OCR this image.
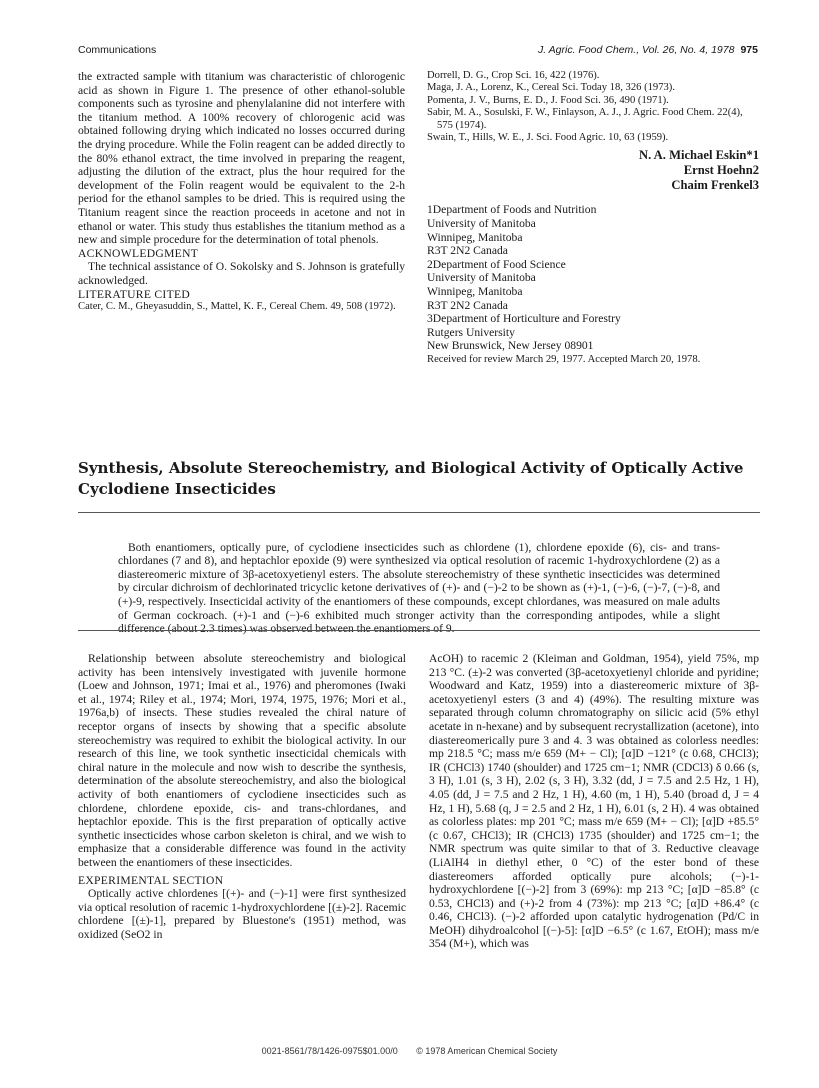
Communications	J. Agric. Food Chem., Vol. 26, No. 4, 1978 975

the extracted sample with titanium was characteristic of chlorogenic acid as shown in Figure 1. The presence of other ethanol-soluble components such as tyrosine and phenylalanine did not interfere with the titanium method. A 100% recovery of chlorogenic acid was obtained following drying which indicated no losses occurred during the drying procedure. While the Folin reagent can be added directly to the 80% ethanol extract, the time involved in preparing the reagent, adjusting the dilution of the extract, plus the hour required for the development of the Folin reagent would be equivalent to the 2-h period for the ethanol samples to be dried. This is required using the Titanium reagent since the reaction proceeds in acetone and not in ethanol or water. This study thus establishes the titanium method as a new and simple procedure for the determination of total phenols.

ACKNOWLEDGMENT

The technical assistance of O. Sokolsky and S. Johnson is gratefully acknowledged.

LITERATURE CITED

Cater, C. M., Gheyasuddin, S., Mattel, K. F., Cereal Chem. 49, 508 (1972).

Dorrell, D. G., Crop Sci. 16, 422 (1976).

Maga, J. A., Lorenz, K., Cereal Sci. Today 18, 326 (1973).

Pomenta, J. V., Burns, E. D., J. Food Sci. 36, 490 (1971).

Sabir, M. A., Sosulski, F. W., Finlayson, A. J., J. Agric. Food Chem. 22(4), 575 (1974).

Swain, T., Hills, W. E., J. Sci. Food Agric. 10, 63 (1959).

N. A. Michael Eskin*1
Ernst Hoehn2
Chaim Frenkel3

1Department of Foods and Nutrition

University of Manitoba

Winnipeg, Manitoba

R3T 2N2 Canada

2Department of Food Science

University of Manitoba

Winnipeg, Manitoba

R3T 2N2 Canada

3Department of Horticulture and Forestry

Rutgers University

New Brunswick, New Jersey 08901

Received for review March 29, 1977. Accepted March 20, 1978.

Synthesis, Absolute Stereochemistry, and Biological Activity of Optically Active Cyclodiene Insecticides

Both enantiomers, optically pure, of cyclodiene insecticides such as chlordene (1), chlordene epoxide (6), cis- and trans-chlordanes (7 and 8), and heptachlor epoxide (9) were synthesized via optical resolution of racemic 1-hydroxychlordene (2) as a diastereomeric mixture of 3β-acetoxyetienyl esters. The absolute stereochemistry of these synthetic insecticides was determined by circular dichroism of dechlorinated tricyclic ketone derivatives of (+)- and (−)-2 to be shown as (+)-1, (−)-6, (−)-7, (−)-8, and (+)-9, respectively. Insecticidal activity of the enantiomers of these compounds, except chlordanes, was measured on male adults of German cockroach. (+)-1 and (−)-6 exhibited much stronger activity than the corresponding antipodes, while a slight difference (about 2.3 times) was observed between the enantiomers of 9.

Relationship between absolute stereochemistry and biological activity has been intensively investigated with juvenile hormone (Loew and Johnson, 1971; Imai et al., 1976) and pheromones (Iwaki et al., 1974; Riley et al., 1974; Mori, 1974, 1975, 1976; Mori et al., 1976a,b) of insects. These studies revealed the chiral nature of receptor organs of insects by showing that a specific absolute stereochemistry was required to exhibit the biological activity. In our research of this line, we took synthetic insecticidal chemicals with chiral nature in the molecule and now wish to describe the synthesis, determination of the absolute stereochemistry, and also the biological activity of both enantiomers of cyclodiene insecticides such as chlordene, chlordene epoxide, cis- and trans-chlordanes, and heptachlor epoxide. This is the first preparation of optically active synthetic insecticides whose carbon skeleton is chiral, and we wish to emphasize that a considerable difference was found in the activity between the enantiomers of these insecticides.

EXPERIMENTAL SECTION

Optically active chlordenes [(+)- and (−)-1] were first synthesized via optical resolution of racemic 1-hydroxychlordene [(±)-2]. Racemic chlordene [(±)-1], prepared by Bluestone's (1951) method, was oxidized (SeO2 in

AcOH) to racemic 2 (Kleiman and Goldman, 1954), yield 75%, mp 213 °C. (±)-2 was converted (3β-acetoxyetienyl chloride and pyridine; Woodward and Katz, 1959) into a diastereomeric mixture of 3β-acetoxyetienyl esters (3 and 4) (49%). The resulting mixture was separated through column chromatography on silicic acid (5% ethyl acetate in n-hexane) and by subsequent recrystallization (acetone), into diastereomerically pure 3 and 4. 3 was obtained as colorless needles: mp 218.5 °C; mass m/e 659 (M+ − Cl); [α]D −121° (c 0.68, CHCl3); IR (CHCl3) 1740 (shoulder) and 1725 cm−1; NMR (CDCl3) δ 0.66 (s, 3 H), 1.01 (s, 3 H), 2.02 (s, 3 H), 3.32 (dd, J = 7.5 and 2.5 Hz, 1 H), 4.05 (dd, J = 7.5 and 2 Hz, 1 H), 4.60 (m, 1 H), 5.40 (broad d, J = 4 Hz, 1 H), 5.68 (q, J = 2.5 and 2 Hz, 1 H), 6.01 (s, 2 H). 4 was obtained as colorless plates: mp 201 °C; mass m/e 659 (M+ − Cl); [α]D +85.5° (c 0.67, CHCl3); IR (CHCl3) 1735 (shoulder) and 1725 cm−1; the NMR spectrum was quite similar to that of 3. Reductive cleavage (LiAlH4 in diethyl ether, 0 °C) of the ester bond of these diastereomers afforded optically pure alcohols; (−)-1-hydroxychlordene [(−)-2] from 3 (69%): mp 213 °C; [α]D −85.8° (c 0.53, CHCl3) and (+)-2 from 4 (73%): mp 213 °C; [α]D +86.4° (c 0.46, CHCl3). (−)-2 afforded upon catalytic hydrogenation (Pd/C in MeOH) dihydroalcohol [(−)-5]: [α]D −6.5° (c 1.67, EtOH); mass m/e 354 (M+), which was

0021-8561/78/1426-0975$01.00/0 © 1978 American Chemical Society
